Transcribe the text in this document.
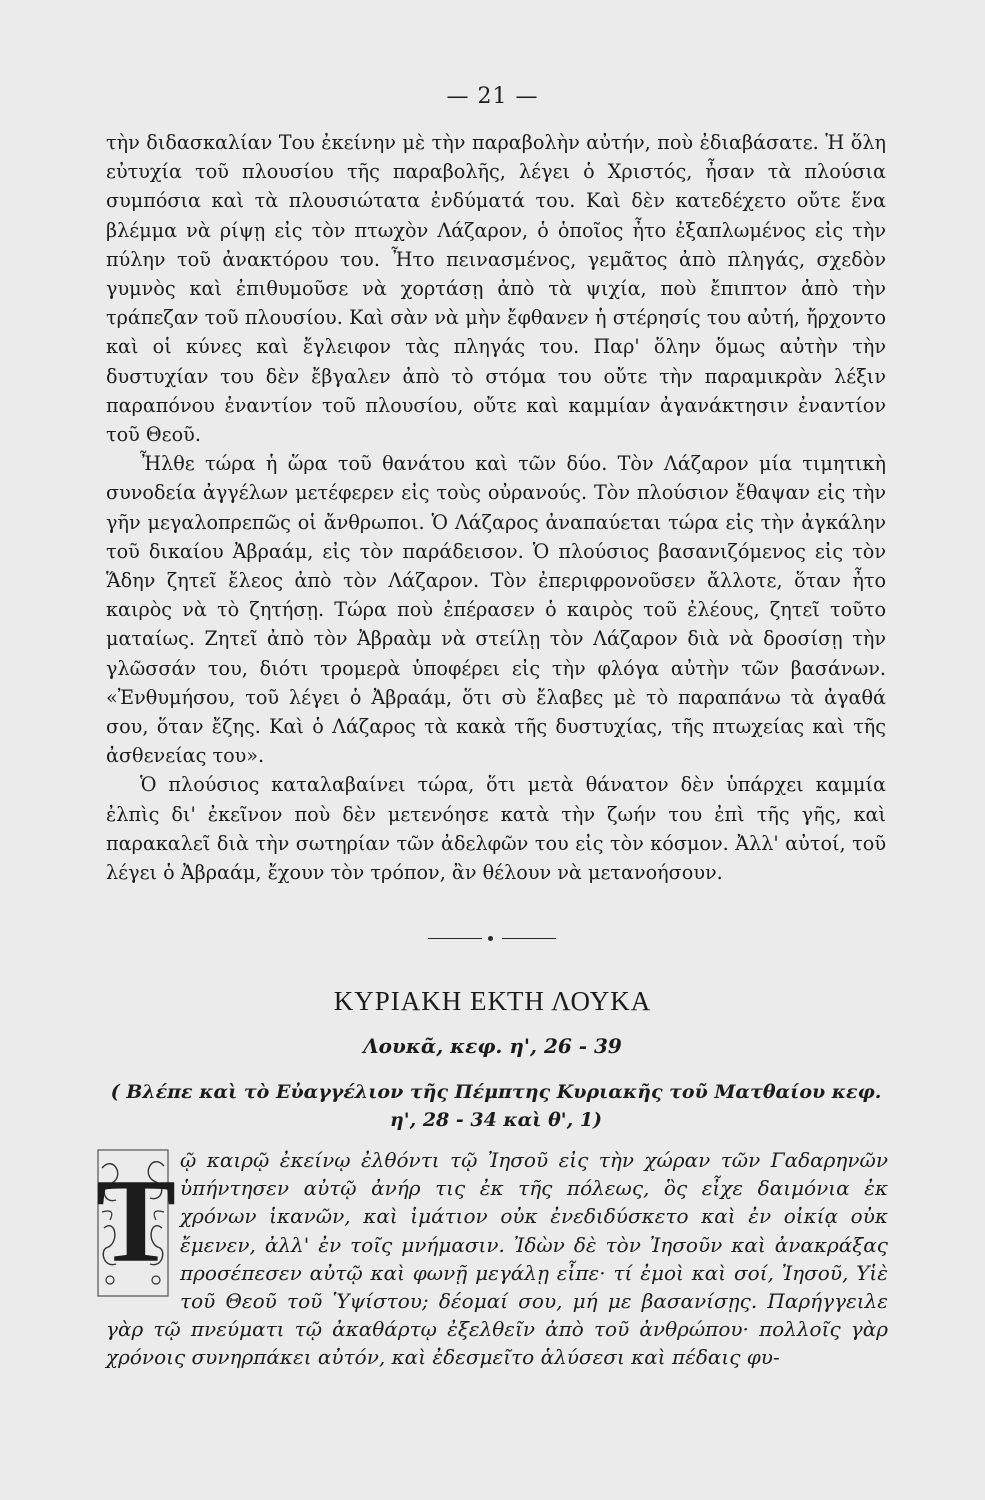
— 21 —

τὴν διδασκαλίαν Του ἐκείνην μὲ τὴν παραβολὴν αὐτήν, ποὺ ἐδιαβάσατε. Ἡ ὅλη εὐτυχία τοῦ πλουσίου τῆς παραβολῆς, λέγει ὁ Χριστός, ἦσαν τὰ πλούσια συμπόσια καὶ τὰ πλουσιώτατα ἐνδύματά του. Καὶ δὲν κατεδέχετο οὔτε ἕνα βλέμμα νὰ ρίψῃ εἰς τὸν πτωχὸν Λάζαρον, ὁ ὁποῖος ἦτο ἐξαπλωμένος εἰς τὴν πύλην τοῦ ἀνακτόρου του. Ἦτο πεινασμένος, γεμᾶτος ἀπὸ πληγάς, σχεδὸν γυμνὸς καὶ ἐπιθυμοῦσε νὰ χορτάσῃ ἀπὸ τὰ ψιχία, ποὺ ἔπιπτον ἀπὸ τὴν τράπεζαν τοῦ πλουσίου. Καὶ σὰν νὰ μὴν ἔφθανεν ἡ στέρησίς του αὐτή, ἤρχοντο καὶ οἱ κύνες καὶ ἔγλειφον τὰς πληγάς του. Παρ' ὅλην ὅμως αὐτὴν τὴν δυστυχίαν του δὲν ἔβγαλεν ἀπὸ τὸ στόμα του οὔτε τὴν παραμικρὰν λέξιν παραπόνου ἐναντίον τοῦ πλουσίου, οὔτε καὶ καμμίαν ἀγανάκτησιν ἐναντίον τοῦ Θεοῦ.

Ἦλθε τώρα ἡ ὥρα τοῦ θανάτου καὶ τῶν δύο. Τὸν Λάζαρον μία τιμητικὴ συνοδεία ἀγγέλων μετέφερεν εἰς τοὺς οὐρανούς. Τὸν πλούσιον ἔθαψαν εἰς τὴν γῆν μεγαλοπρεπῶς οἱ ἄνθρωποι. Ὁ Λάζαρος ἀναπαύεται τώρα εἰς τὴν ἀγκάλην τοῦ δικαίου Ἀβραάμ, εἰς τὸν παράδεισον. Ὁ πλούσιος βασανιζόμενος εἰς τὸν Ἅδην ζητεῖ ἔλεος ἀπὸ τὸν Λάζαρον. Τὸν ἐπεριφρονοῦσεν ἄλλοτε, ὅταν ἦτο καιρὸς νὰ τὸ ζητήσῃ. Τώρα ποὺ ἐπέρασεν ὁ καιρὸς τοῦ ἐλέους, ζητεῖ τοῦτο ματαίως. Ζητεῖ ἀπὸ τὸν Ἀβραὰμ νὰ στείλῃ τὸν Λάζαρον διὰ νὰ δροσίσῃ τὴν γλῶσσάν του, διότι τρομερὰ ὑποφέρει εἰς τὴν φλόγα αὐτὴν τῶν βασάνων. «Ἐνθυμήσου, τοῦ λέγει ὁ Ἀβραάμ, ὅτι σὺ ἔλαβες μὲ τὸ παραπάνω τὰ ἀγαθά σου, ὅταν ἔζης. Καὶ ὁ Λάζαρος τὰ κακὰ τῆς δυστυχίας, τῆς πτωχείας καὶ τῆς ἀσθενείας του».

Ὁ πλούσιος καταλαβαίνει τώρα, ὅτι μετὰ θάνατον δὲν ὑπάρχει καμμία ἐλπὶς δι' ἐκεῖνον ποὺ δὲν μετενόησε κατὰ τὴν ζωήν του ἐπὶ τῆς γῆς, καὶ παρακαλεῖ διὰ τὴν σωτηρίαν τῶν ἀδελφῶν του εἰς τὸν κόσμον. Ἀλλ' αὐτοί, τοῦ λέγει ὁ Ἀβραάμ, ἔχουν τὸν τρόπον, ἂν θέλουν νὰ μετανοήσουν.

ΚΥΡΙΑΚΗ ΕΚΤΗ ΛΟΥΚΑ
Λουκᾶ, κεφ. η', 26 - 39
( Βλέπε καὶ τὸ Εὐαγγέλιον τῆς Πέμπτης Κυριακῆς τοῦ Ματθαίου κεφ. η', 28 - 34 καὶ θ', 1)
Τ ῷ καιρῷ ἐκείνῳ ἐλθόντι τῷ Ἰησοῦ εἰς τὴν χώραν τῶν Γαδαρηνῶν ὑπήντησεν αὐτῷ ἀνήρ τις ἐκ τῆς πόλεως, ὃς εἶχε δαιμόνια ἐκ χρόνων ἱκανῶν, καὶ ἱμάτιον οὐκ ἐνεδιδύσκετο καὶ ἐν οἰκίᾳ οὐκ ἔμενεν, ἀλλ' ἐν τοῖς μνήμασιν. Ἰδὼν δὲ τὸν Ἰησοῦν καὶ ἀνακράξας προσέπεσεν αὐτῷ καὶ φωνῇ μεγάλῃ εἶπε· τί ἐμοὶ καὶ σοί, Ἰησοῦ, Υἱὲ τοῦ Θεοῦ τοῦ Ὑψίστου; δέομαί σου, μή με βασανίσῃς. Παρήγγειλε γὰρ τῷ πνεύματι τῷ ἀκαθάρτῳ ἐξελθεῖν ἀπὸ τοῦ ἀνθρώπου· πολλοῖς γὰρ χρόνοις συνηρπάκει αὐτόν, καὶ ἐδεσμεῖτο ἁλύσεσι καὶ πέδαις φυ-
